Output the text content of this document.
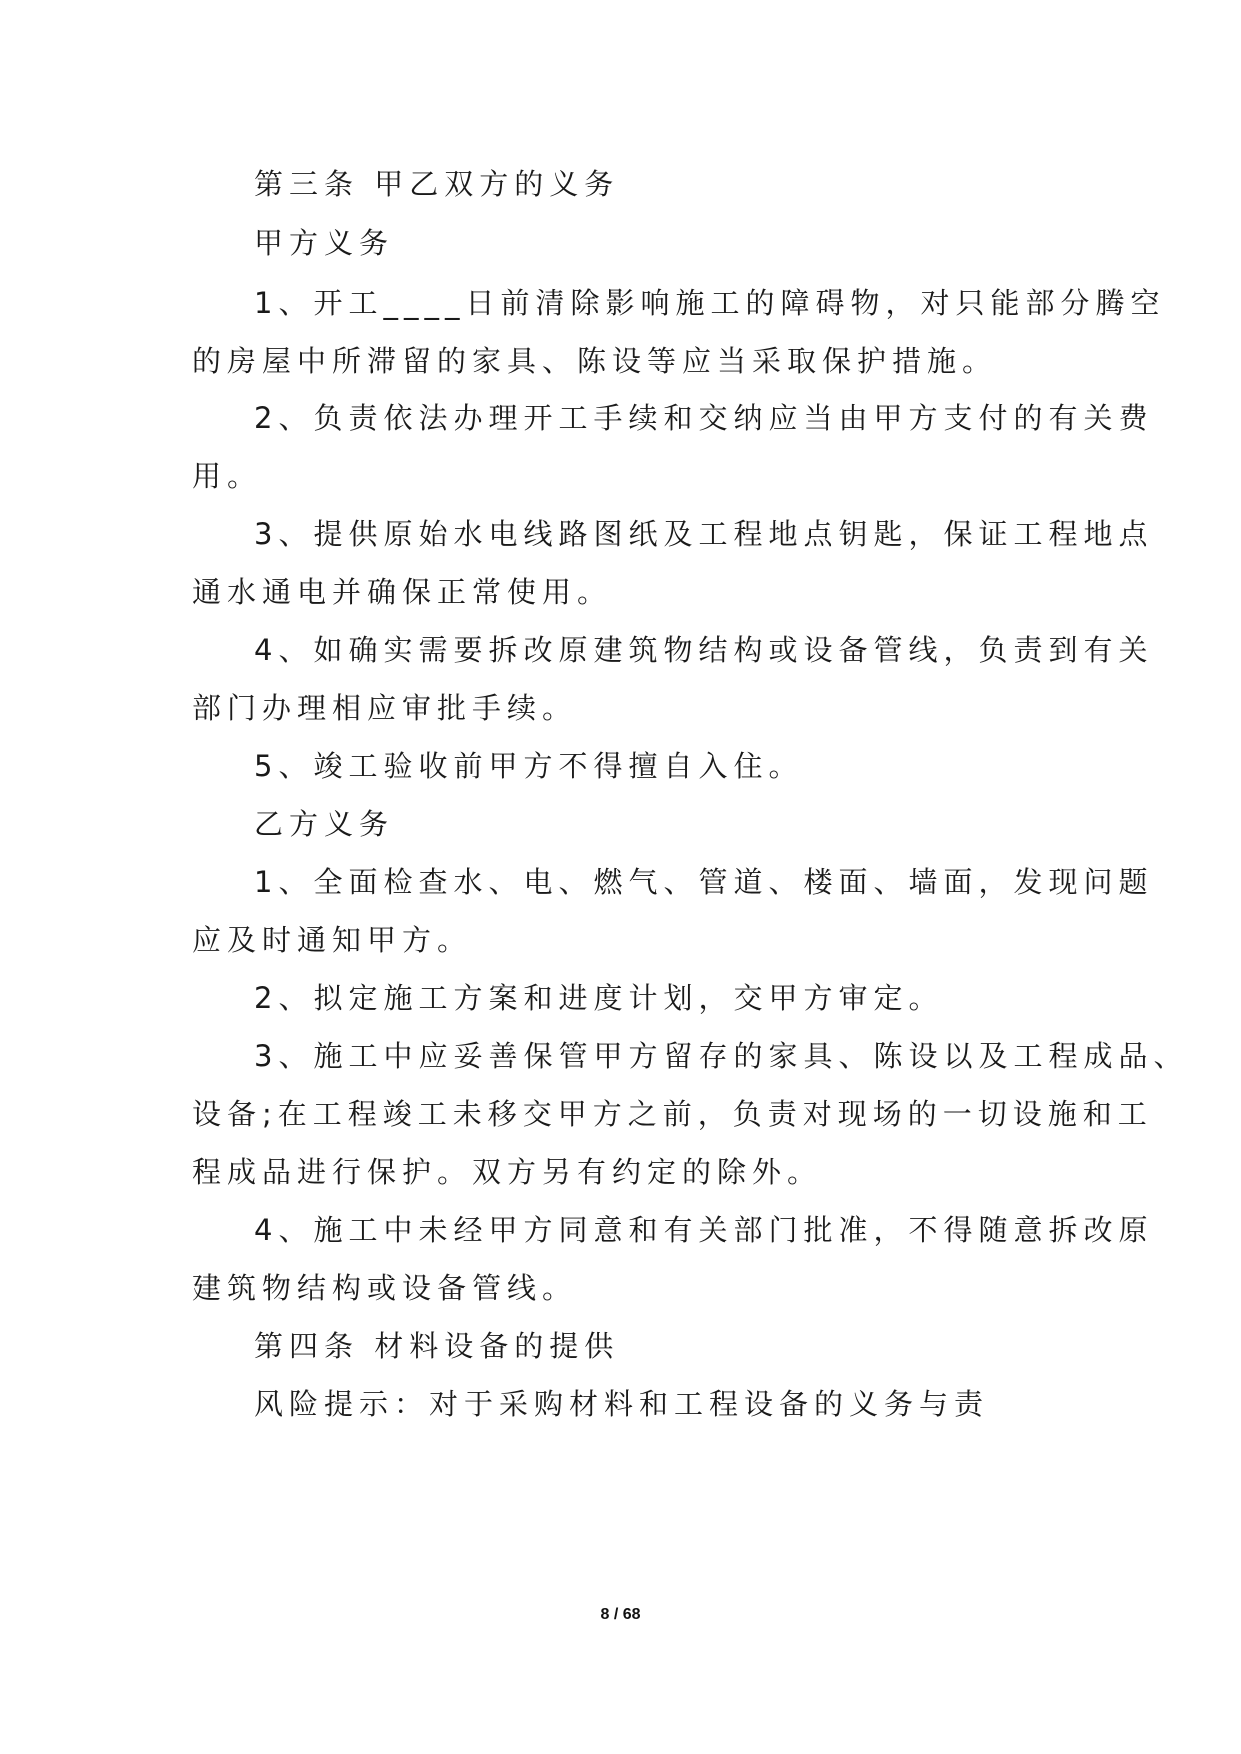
第三条 甲乙双方的义务
甲方义务
1、开工____日前清除影响施工的障碍物，对只能部分腾空
的房屋中所滞留的家具、陈设等应当采取保护措施。
2、负责依法办理开工手续和交纳应当由甲方支付的有关费
用。
3、提供原始水电线路图纸及工程地点钥匙，保证工程地点
通水通电并确保正常使用。
4、如确实需要拆改原建筑物结构或设备管线，负责到有关
部门办理相应审批手续。
5、竣工验收前甲方不得擅自入住。
乙方义务
1、全面检查水、电、燃气、管道、楼面、墙面，发现问题
应及时通知甲方。
2、拟定施工方案和进度计划，交甲方审定。
3、施工中应妥善保管甲方留存的家具、陈设以及工程成品、
设备;在工程竣工未移交甲方之前，负责对现场的一切设施和工
程成品进行保护。双方另有约定的除外。
4、施工中未经甲方同意和有关部门批准，不得随意拆改原
建筑物结构或设备管线。
第四条 材料设备的提供
风险提示：对于采购材料和工程设备的义务与责
8 / 68
